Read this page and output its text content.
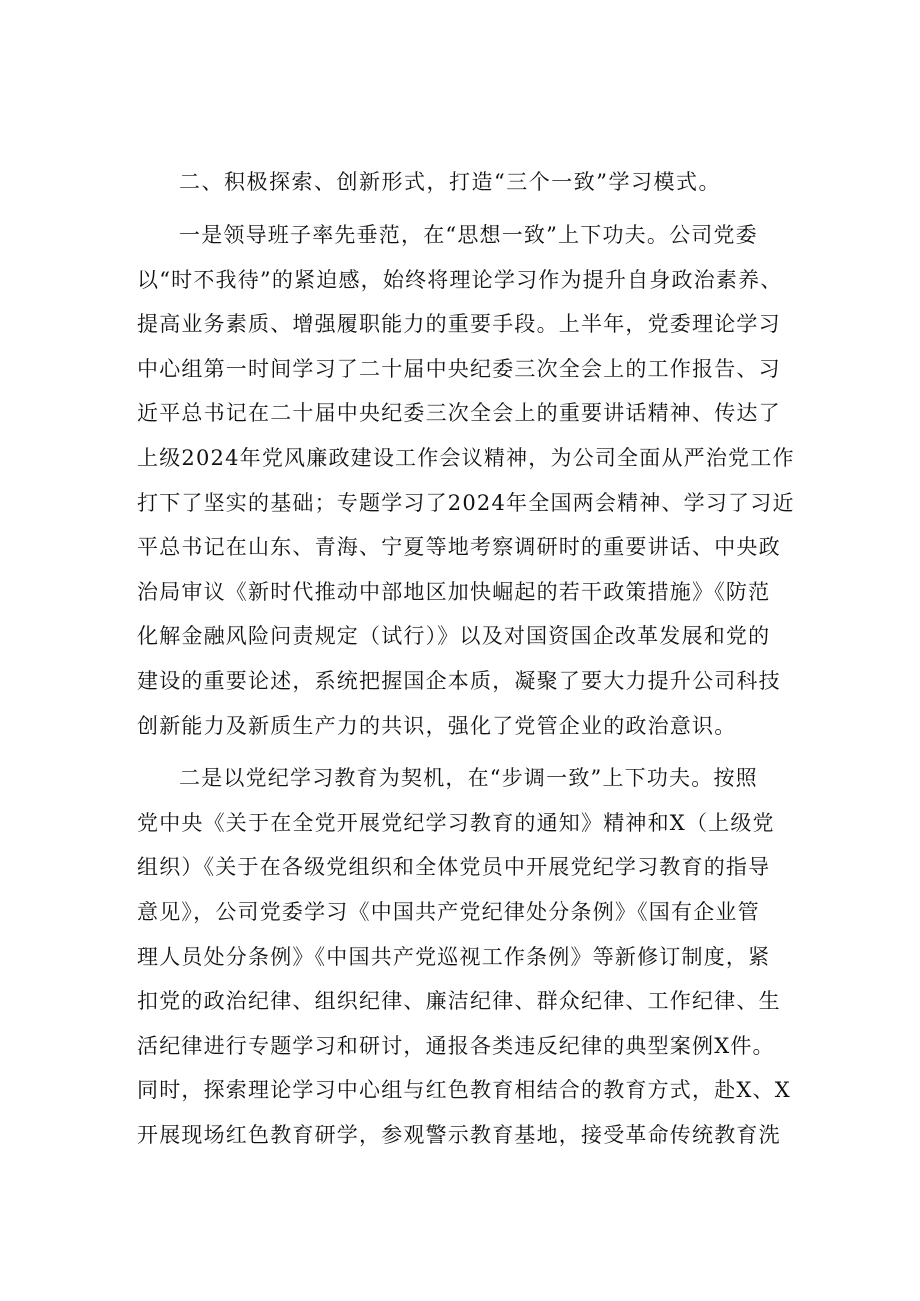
二、积极探索、创新形式，打造“三个一致”学习模式。
一是领导班子率先垂范，在“思想一致”上下功夫。公司党委
以“时不我待”的紧迫感，始终将理论学习作为提升自身政治素养、
提高业务素质、增强履职能力的重要手段。上半年，党委理论学习
中心组第一时间学习了二十届中央纪委三次全会上的工作报告、习
近平总书记在二十届中央纪委三次全会上的重要讲话精神、传达了
上级2024年党风廉政建设工作会议精神，为公司全面从严治党工作
打下了坚实的基础；专题学习了2024年全国两会精神、学习了习近
平总书记在山东、青海、宁夏等地考察调研时的重要讲话、中央政
治局审议《新时代推动中部地区加快崛起的若干政策措施》《防范
化解金融风险问责规定（试行）》以及对国资国企改革发展和党的
建设的重要论述，系统把握国企本质，凝聚了要大力提升公司科技
创新能力及新质生产力的共识，强化了党管企业的政治意识。
二是以党纪学习教育为契机，在“步调一致”上下功夫。按照
党中央《关于在全党开展党纪学习教育的通知》精神和X（上级党
组织）《关于在各级党组织和全体党员中开展党纪学习教育的指导
意见》，公司党委学习《中国共产党纪律处分条例》《国有企业管
理人员处分条例》《中国共产党巡视工作条例》等新修订制度，紧
扣党的政治纪律、组织纪律、廉洁纪律、群众纪律、工作纪律、生
活纪律进行专题学习和研讨，通报各类违反纪律的典型案例X件。
同时，探索理论学习中心组与红色教育相结合的教育方式，赴X、X
开展现场红色教育研学，参观警示教育基地，接受革命传统教育洗
